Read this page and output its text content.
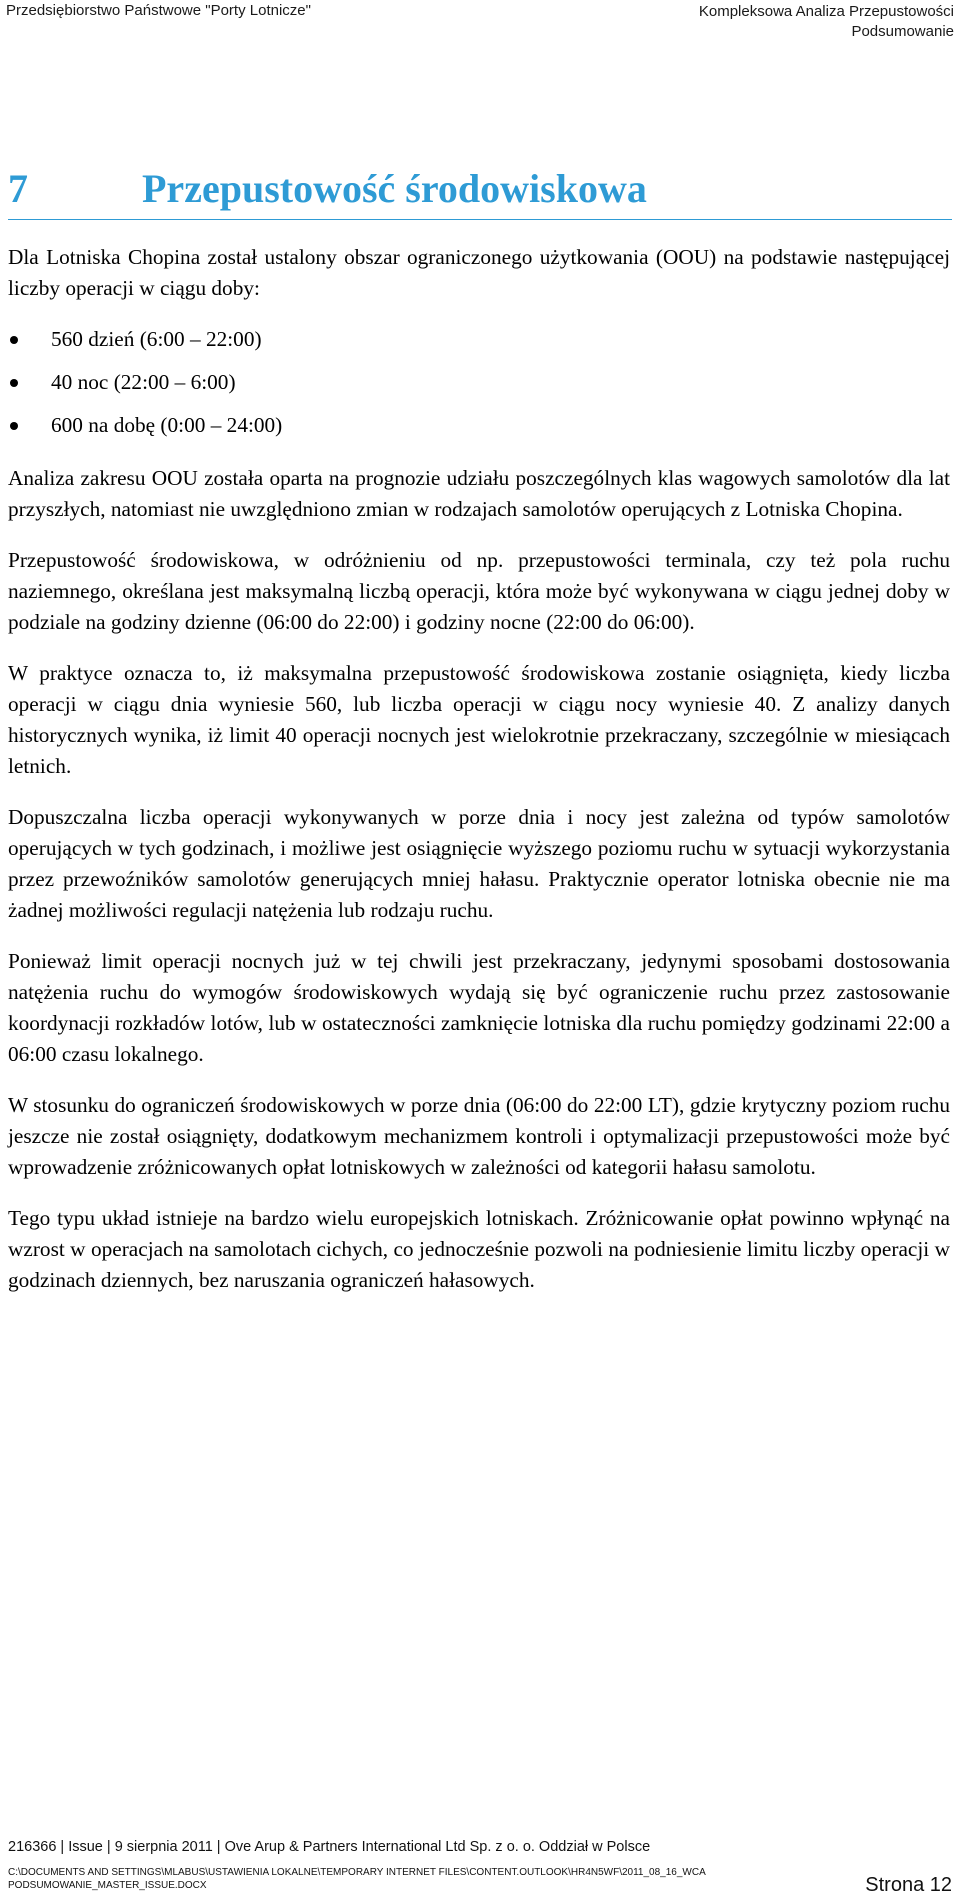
Przedsiębiorstwo Państwowe "Porty Lotnicze"	Kompleksowa Analiza Przepustowości
Podsumowanie
7	Przepustowość środowiskowa

Dla Lotniska Chopina został ustalony obszar ograniczonego użytkowania (OOU) na podstawie następującej liczby operacji w ciągu doby:

560 dzień (6:00 – 22:00)
40 noc (22:00 – 6:00)
600 na dobę (0:00 – 24:00)

Analiza zakresu OOU została oparta na prognozie udziału poszczególnych klas wagowych samolotów dla lat przyszłych, natomiast nie uwzględniono zmian w rodzajach samolotów operujących z Lotniska Chopina.

Przepustowość środowiskowa, w odróżnieniu od np. przepustowości terminala, czy też pola ruchu naziemnego, określana jest maksymalną liczbą operacji, która może być wykonywana w ciągu jednej doby w podziale na godziny dzienne (06:00 do 22:00) i godziny nocne (22:00 do 06:00).

W praktyce oznacza to, iż maksymalna przepustowość środowiskowa zostanie osiągnięta, kiedy liczba operacji w ciągu dnia wyniesie 560, lub liczba operacji w ciągu nocy wyniesie 40. Z analizy danych historycznych wynika, iż limit 40 operacji nocnych jest wielokrotnie przekraczany, szczególnie w miesiącach letnich.

Dopuszczalna liczba operacji wykonywanych w porze dnia i nocy jest zależna od typów samolotów operujących w tych godzinach, i możliwe jest osiągnięcie wyższego poziomu ruchu w sytuacji wykorzystania przez przewoźników samolotów generujących mniej hałasu. Praktycznie operator lotniska obecnie nie ma żadnej możliwości regulacji natężenia lub rodzaju ruchu.

Ponieważ limit operacji nocnych już w tej chwili jest przekraczany, jedynymi sposobami dostosowania natężenia ruchu do wymogów środowiskowych wydają się być ograniczenie ruchu przez zastosowanie koordynacji rozkładów lotów, lub w ostateczności zamknięcie lotniska dla ruchu pomiędzy godzinami 22:00 a 06:00 czasu lokalnego.

W stosunku do ograniczeń środowiskowych w porze dnia (06:00 do 22:00 LT), gdzie krytyczny poziom ruchu jeszcze nie został osiągnięty, dodatkowym mechanizmem kontroli i optymalizacji przepustowości może być wprowadzenie zróżnicowanych opłat lotniskowych w zależności od kategorii hałasu samolotu.

Tego typu układ istnieje na bardzo wielu europejskich lotniskach. Zróżnicowanie opłat powinno wpłynąć na wzrost w operacjach na samolotach cichych, co jednocześnie pozwoli na podniesienie limitu liczby operacji w godzinach dziennych, bez naruszania ograniczeń hałasowych.

216366 | Issue | 9 sierpnia 2011 | Ove Arup & Partners International Ltd Sp. z o. o. Oddział w Polsce
C:\DOCUMENTS AND SETTINGS\MLABUS\USTAWIENIA LOKALNE\TEMPORARY INTERNET FILES\CONTENT.OUTLOOK\HR4N5WF\2011_08_16_WCA PODSUMOWANIE_MASTER_ISSUE.DOCX	Strona 12
